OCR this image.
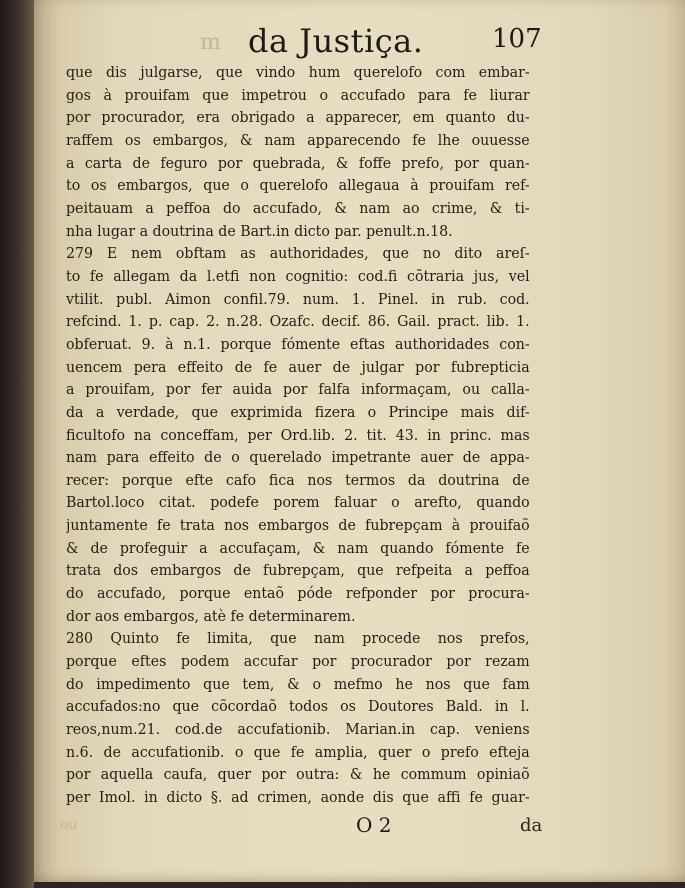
m da Justiça.	107
que dis julgarse, que vindo hum querelofo com embar-
gos à prouifam que impetrou o accufado para fe liurar
por procurador, era obrigado a apparecer, em quanto du-
raffem os embargos, & nam apparecendo fe lhe ouuesse
a carta de feguro por quebrada, & foffe prefo, por quan-
to os embargos, que o querelofo allegaua à prouifam ref-
peitauam a peffoa do accufado, & nam ao crime, & ti-
nha lugar a doutrina de Bart.in dicto par. penult.n.18.
279 E nem obftam as authoridades, que no dito areſ-
to fe allegam da l.etfi non cognitio: cod.fi cõtraria jus, vel
vtilit. publ. Aimon confil.79. num. 1. Pinel. in rub. cod.
refcind. 1. p. cap. 2. n.28. Ozafc. decif. 86. Gail. pract. lib. 1.
obferuat. 9. à n.1. porque fómente eftas authoridades con-
uencem pera effeito de fe auer de julgar por fubrepticia
a prouifam, por fer auida por falfa informaçam, ou calla-
da a verdade, que exprimida fizera o Principe mais dif-
ficultofo na conceffam, per Ord.lib. 2. tit. 43. in princ. mas
nam para effeito de o querelado impetrante auer de appa-
recer: porque efte cafo fica nos termos da doutrina de
Bartol.loco citat. podefe porem faluar o arefto, quando
juntamente fe trata nos embargos de fubrepçam à prouifaõ
& de profeguir a accufaçam, & nam quando fómente fe
trata dos embargos de fubrepçam, que refpeita a peffoa
do accufado, porque entaõ póde refponder por procura-
dor aos embargos, atè fe determinarem.
280 Quinto fe limita, que nam procede nos prefos,
porque eftes podem accufar por procurador por rezam
do impedimento que tem, & o mefmo he nos que fam
accufados:no que cõcordaõ todos os Doutores Bald. in l.
reos,num.21. cod.de accufationib. Marian.in cap. veniens
n.6. de accufationib. o que fe amplia, quer o prefo efteja
por aquella caufa, quer por outra: & he commum opiniaõ
per Imol. in dicto §. ad crimen, aonde dis que affi fe guar-
ou	O 2	da
